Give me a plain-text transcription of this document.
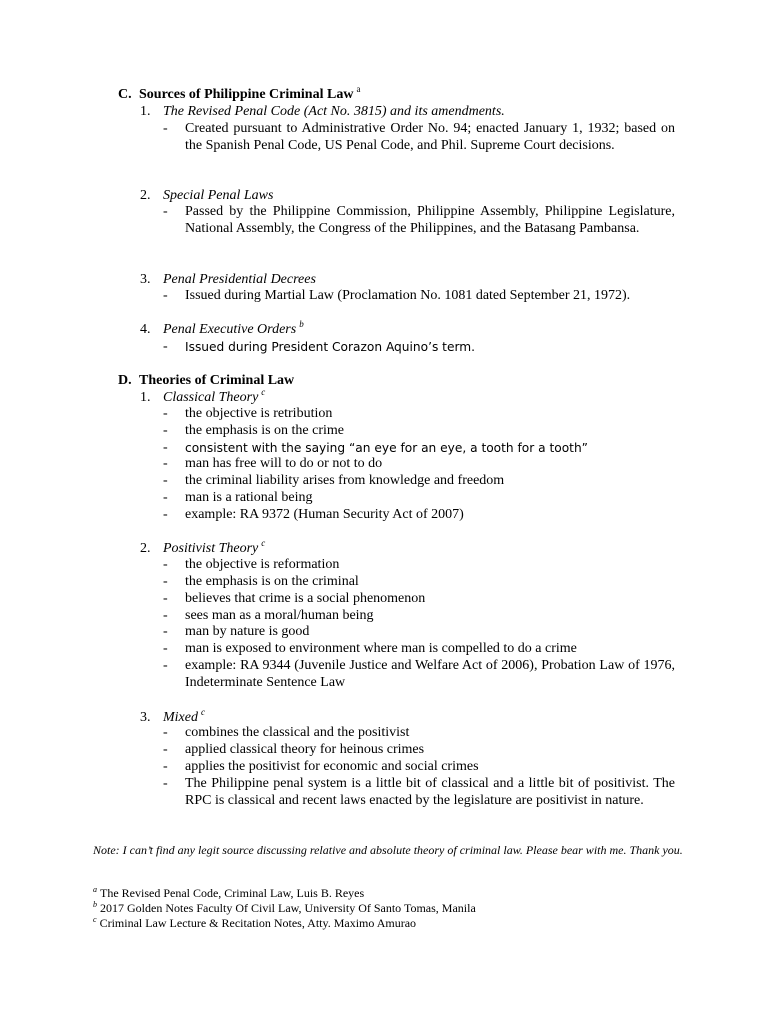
C. Sources of Philippine Criminal Law $^a$
1. The Revised Penal Code (Act No. 3815) and its amendments.
- Created pursuant to Administrative Order No. 94; enacted January 1, 1932; based on the Spanish Penal Code, US Penal Code, and Phil. Supreme Court decisions.
2. Special Penal Laws
- Passed by the Philippine Commission, Philippine Assembly, Philippine Legislature, National Assembly, the Congress of the Philippines, and the Batasang Pambansa.
3. Penal Presidential Decrees
- Issued during Martial Law (Proclamation No. 1081 dated September 21, 1972).
4. Penal Executive Orders $^b$
- Issued during President Corazon Aquino’s term.
D. Theories of Criminal Law
1. Classical Theory $^c$
- the objective is retribution
- the emphasis is on the crime
- consistent with the saying “an eye for an eye, a tooth for a tooth”
- man has free will to do or not to do
- the criminal liability arises from knowledge and freedom
- man is a rational being
- example: RA 9372 (Human Security Act of 2007)
2. Positivist Theory $^c$
- the objective is reformation
- the emphasis is on the criminal
- believes that crime is a social phenomenon
- sees man as a moral/human being
- man by nature is good
- man is exposed to environment where man is compelled to do a crime
- example: RA 9344 (Juvenile Justice and Welfare Act of 2006), Probation Law of 1976, Indeterminate Sentence Law
3. Mixed $^c$
- combines the classical and the positivist
- applied classical theory for heinous crimes
- applies the positivist for economic and social crimes
- The Philippine penal system is a little bit of classical and a little bit of positivist. The RPC is classical and recent laws enacted by the legislature are positivist in nature.
Note: I can’t find any legit source discussing relative and absolute theory of criminal law. Please bear with me. Thank you.
$^a$ The Revised Penal Code, Criminal Law, Luis B. Reyes
$^b$ 2017 Golden Notes Faculty Of Civil Law, University Of Santo Tomas, Manila
$^c$ Criminal Law Lecture & Recitation Notes, Atty. Maximo Amurao
